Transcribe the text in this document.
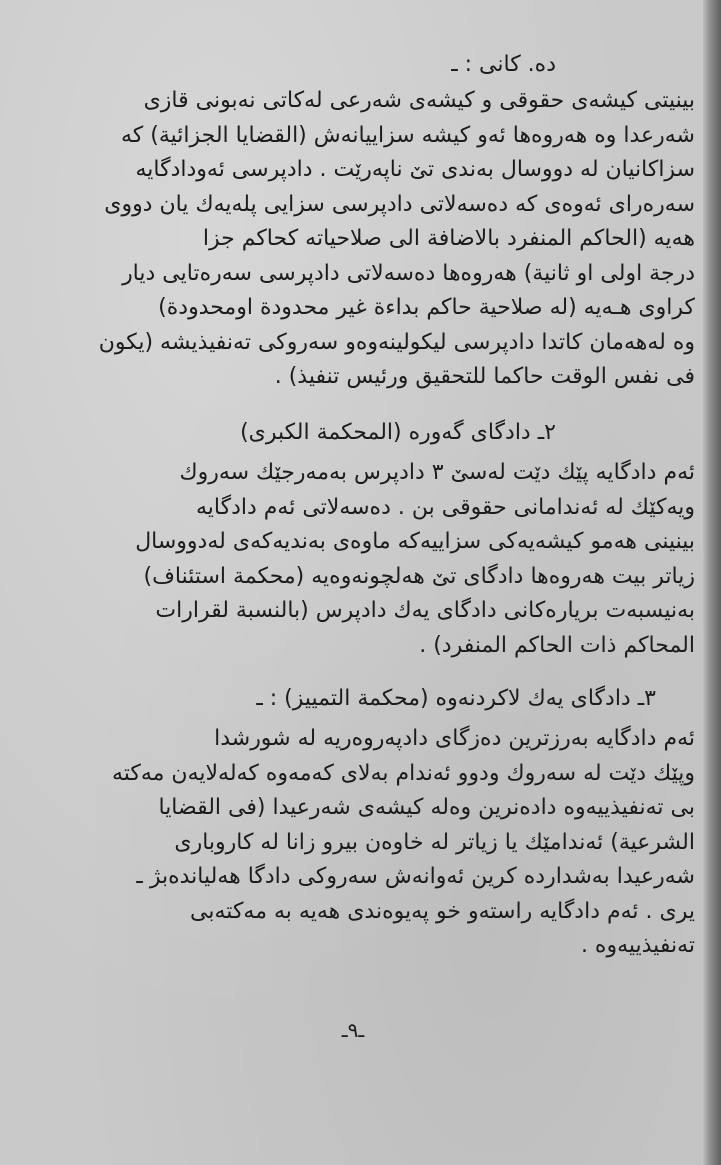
دە. کانی : ـ
بینیتی کیشەی حقوقی و کیشەی شەرعی لەکاتی نەبونی قازی
شەرعدا وە هەروەها ئەو کیشە سزاییانەش (القضایا الجزائیة) کە
سزاکانیان لە دووسال بەندی تێ ناپەرێت . دادپرسی ئەودادگایە
سەرەرای ئەوەی کە دەسەلاتی دادپرسی سزایی پلەیەك یان دووی
هەیە (الحاکم المنفرد بالاضافة الی صلاحیاته کحاکم جزا
درجة اولی او ثانیة) هەروەها دەسەلاتی دادپرسی سەرەتایی دیار
کراوی هـەیە (لە صلاحیة حاکم بداءة غیر محدودة اومحدودة)
وە لەهەمان کاتدا دادپرسی لیکولینەوەو سەروکی تەنفیذیشە (یکون
فی نفس الوقت حاکما للتحقیق ورئیس تنفیذ) .
٢ـ دادگای گەورە (المحکمة الکبری)
ئەم دادگایە پێك دێت لەسێ ٣ دادپرس بەمەرجێك سەروك
ویەکێك لە ئەندامانی حقوقی بن . دەسەلاتی ئەم دادگایە
بینینی هەمو کیشەیەکی سزاییەکە ماوەی بەندیەکەی لەدووسال
زیاتر بیت هەروەها دادگای تێ هەلچونەوەیە (محکمة استئناف)
بەنیسبەت بریارەکانی دادگای یەك دادپرس (بالنسبة لقرارات
المحاکم ذات الحاکم المنفرد) .
٣ـ دادگای یەك لاکردنەوە (محکمة التمییز) : ـ
ئەم دادگایە بەرزترین دەزگای دادپەروەریە لە شورشدا
وپێك دێت لە سەروك ودوو ئەندام بەلای کەمەوە کەلەلایەن مەکتە
بی تەنفیذییەوە دادەنرین وەلە کیشەی شەرعیدا (فی القضایا
الشرعیة) ئەندامێك یا زیاتر لە خاوەن بیرو زانا لە کاروباری
شەرعیدا بەشداردە کرین ئەوانەش سەروکی دادگا هەلیاندەبژ ـ
یری . ئەم دادگایە راستەو خو پەیوەندی هەیە بە مەکتەبی
تەنفیذییەوە .
ـ٩ـ
